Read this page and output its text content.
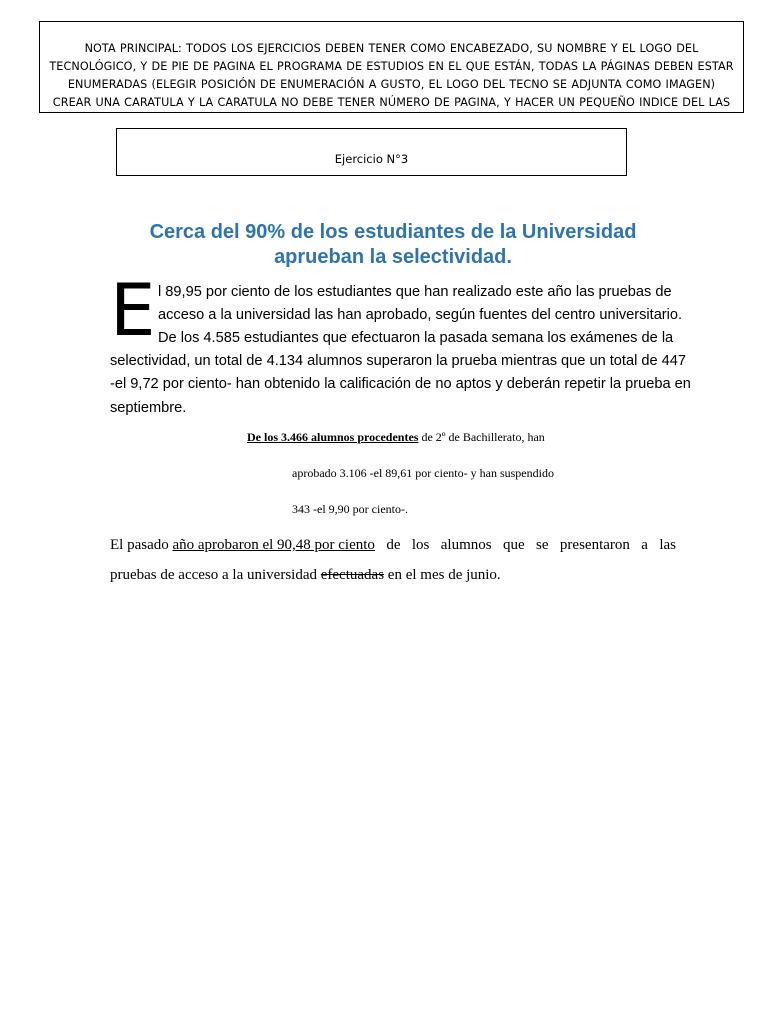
NOTA PRINCIPAL: TODOS LOS EJERCICIOS DEBEN TENER COMO ENCABEZADO, SU NOMBRE Y EL LOGO DEL
TECNOLÓGICO, Y DE PIE DE PAGINA EL PROGRAMA DE ESTUDIOS EN EL QUE ESTÁN, TODAS LA PÁGINAS DEBEN ESTAR
ENUMERADAS (ELEGIR POSICIÓN DE ENUMERACIÓN A GUSTO, EL LOGO DEL TECNO SE ADJUNTA COMO IMAGEN)
CREAR UNA CARATULA Y LA CARATULA NO DEBE TENER NÚMERO DE PAGINA, Y HACER UN PEQUEÑO INDICE DEL LAS
Ejercicio N°3
Cerca del 90% de los estudiantes de la Universidad
aprueban la selectividad.
E l 89,95 por ciento de los estudiantes que han realizado este año las pruebas de
acceso a la universidad las han aprobado, según fuentes del centro universitario.
De los 4.585 estudiantes que efectuaron la pasada semana los exámenes de la
selectividad, un total de 4.134 alumnos superaron la prueba mientras que un total de 447
-el 9,72 por ciento- han obtenido la calificación de no aptos y deberán repetir la prueba en
septiembre.
De los 3.466 alumnos procedentes de 2º de Bachillerato, han
aprobado 3.106 -el 89,61 por ciento- y han suspendido
343 -el 9,90 por ciento-.
El pasado año aprobaron el 90,48 por ciento de los alumnos que se presentaron a las
pruebas de acceso a la universidad efectuadas en el mes de junio.
